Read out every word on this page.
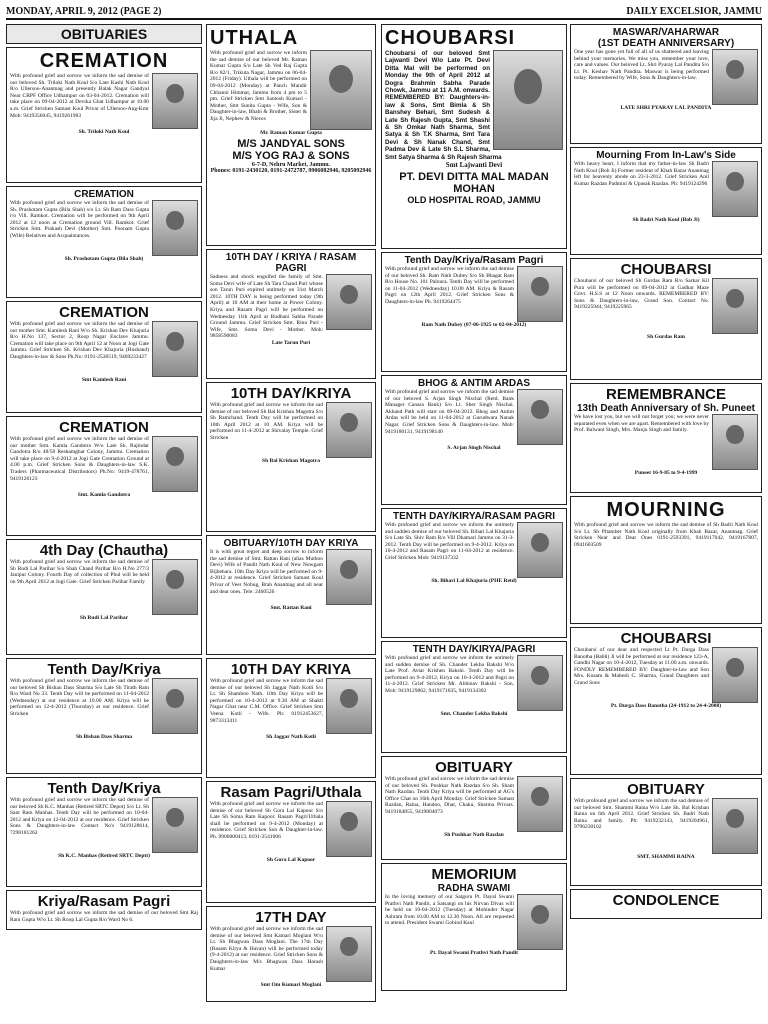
MONDAY, APRIL 9, 2012 (PAGE 2)	DAILY EXCELSIOR, JAMMU
OBITUARIES
CREMATION
With profound grief and sorrow we inform the sad demise of our beloved Sh. Triloki Nath Koul S/o Late Kashi Nath Koul R/o Ullersoo-Anantnag and presently Balak Nagar Gandyal Near CRPF Office Udhampur on 03-04-2012. Cremation will take place on 09-04-2012 at Devika Ghat Udhampur at 10.00 a.m. Grief Stricken Samast Koul Privar of Ullersoo-Ang-Kmr Mob: 9419356045, 9419261983
Sh. Triloki Nath Koul
CREMATION
With profound grief and sorrow we inform the sad demise of Sh. Prashotam Gupta (Bila Shah) s/o Lt. Sh Ram Dass Gupta r/o Vill. Ramkot. Cremation will be performed on 9th April 2012 at 12 noon at Cremation ground Vill. Ramkot. Grief Stricken Smt. Prakash Devi (Mother) Smt. Poonam Gupta (Wife) Relatives and Acquaintances.
Sh. Prashotam Gupta (Bila Shah)
CREMATION
With profound grief and sorrow we inform the sad demise of our mother Smt. Kamlesh Rani W/o Sh. Krishan Dev Khajuria R/o H.No 137, Sector 2, Roop Nagar Enclave Jammu. Cremation will take place on 9th April 12 at Noon at Jogi Gate Jammu. Grief Stricken Sh. Krishan Dev Khajuria (Husband) Daughters-in-law & Sons Ph.No: 0191-2530519, 9469233427
Smt Kamlesh Rani
CREMATION
With profound grief and sorrow we inform the sad demise of our mother Smt. Kamla Gandotra W/o Late Sh. Rajindar Gandotra R/o 48/50 Reshamghar Colony, Jammu. Cremation will take place on 9-4-2012 at Jogi Gate Cremation Ground at 4.00 p.m. Grief Stricken Sons & Daughters-in-law S.K. Traders (Pharmaceutical Distributors) Ph.No: 9419-478761, 9419126123
Smt. Kamla Gandotra
4th Day (Chautha)
With profound grief and sorrow we inform the sad demise of Sh Rudi Lal Parihar S/o Shah Chand Parihar R/o H.No 277/3 Janipur Colony. Fourth Day of collection of Phul will be held on 9th April 2012 at Jogi Gate. Grief Stricken Parihar Family
Sh Rudi Lal Parihar
Tenth Day/Kriya
With profound grief and sorrow we inform the sad demise of our beloved Sh Bishan Dass Sharma S/o Late Sh Tirath Ram R/o Ward No 33. Tenth Day will be performed on 11-04-2012 (Wednesday) at our residence at 10.00 AM. Kriya will be performed on 12-4-2012 (Thursday) at our residence. Grief Stricken
Sh Bishan Dass Sharma
Tenth Day/Kriya
With profound grief and sorrow we inform the sad demise of our beloved Sh K.C. Manhas (Retired SRTC Depot) S/o Lt. Sh Sant Ram Manhas. Tenth Day will be performed on 10-04-2012 and Kriya on 12-04-2012 at our residence. Grief Stricken Sons & Daughters-in-law Contact No's 9419128614, 7298181262
Sh K.C. Manhas (Retired SRTC Deptt)
Kriya/Rasam Pagri
With profound grief and sorrow we inform the sad demise of our beloved Smt Raj Rani Gupta W/o Lt. Sh Roop Lal Gupta R/o Ward No 6.
UTHALA
With profound grief and sorrow we inform the sad demise of our beloved Mr. Raman Kumar Gupta S/o Late Sh Ved Raj Gupta R/o 82/1, Trikuta Nagar, Jammu on 06-04-2012 (Friday). Uthala will be performed on 09-04-2012 (Monday) at Panch Mandir Chhanni Himmat, Jammu from 4 pm to 5 pm. Grief Stricken Smt Santosh Kumari - Mother, Smt Sunita Gupta - Wife, Son & Daughter-in-law, Bhabi & Brother, Sister & Jija Ji, Nephew & Nieces
Mr. Raman Kumar Gupta
M/S JANDYAL SONS
M/S YOG RAJ & SONS
6-7-D, Nehru Market, Jammu.
Phones: 0191-2430120, 0191-2472787, 9906082946, 9205092946
10TH DAY / KRIYA / RASAM PAGRI
Sadness and shock engulfed the family of Smt. Soma Devi wife of Late Sh Tara Chand Puri whose son Tarun Puri expired untimely on 31st March 2012. 10TH DAY is being performed today (9th April) at 10 AM at their home at Power Colony. Kriya and Rasam Pagri will be performed on Wednesday 11th April at Budhani Sabha Parade Ground Jammu. Grief Stricken Smt. Rinu Puri - Wife, Smt. Soma Devi - Mother. Mob: 9858590083
Late Tarun Puri
10TH DAY/KRIYA
With profound grief and sorrow we inform the sad demise of our beloved Sh Bal Krishan Magotra S/o Sh Ramchand. Tenth Day will be performed on 10th April 2012 at 10 AM. Kriya will be performed on 11-4-2012 at Shivalay Temple. Grief Stricken
Sh Bal Krishan Magotra
OBITUARY/10TH DAY KRIYA
It is with great regret and deep sorrow to inform the sad demise of Smt. Rattan Rani (alias Muthoo Devi) Wife of Pandit Nath Koul of New Nowgam Bijbehara. 10th Day Kriya will be performed on 9-4-2012 at residence. Grief Stricken Samast Koul Privar of Veer Nobug, Brah Anantnag and all near and dear ones. Tele: 2460526
Smt. Rattan Rani
10TH DAY KRIYA
With profound grief and sorrow we inform the sad demise of our beloved Sh Jaggar Nath Kotli S/o Lt. Sh Shamboo Nath. 10th Day Kriya will be performed on 10-4-2012 at 9.30 AM at Shakti Nagar Ghat near C.M. Office. Grief Stricken Smt Veena Kotli - Wife. Ph: 01912453627, 9873313411
Sh Jaggar Nath Kotli
Rasam Pagri/Uthala
With profound grief and sorrow we inform the sad demise of our beloved Sh Gora Lal Kapoor S/o Late Sh Soma Ram Kapoor. Rasam Pagri/Uthala shall be performed on 9-4-2012 (Monday) at residence. Grief Stricken Son & Daughter-in-law. Ph. 9906000413, 0191-2541006
Sh Gora Lal Kapoor
17TH DAY
With profound grief and sorrow we inform the sad demise of our beloved Smt Kamari Moglani W/o Lt. Sh Bhagwan Dass Moglani. The 17th Day (Rasam Kirya & Havan) will be performed today (9-4-2012) at our residence. Grief Stricken Sons & Daughters-in-law M/s Bhagwan Dass Harash Kumar
Smt Om Kumari Moglani
CHOUBARSI
Choubarsi of our beloved Smt Lajwanti Devi W/o Late Pt. Devi Ditta Mal will be performed on Monday the 9th of April 2012 at Dogra Brahmin Sabha Parade Chowk, Jammu at 11 A.M. onwards. REMEMBERED BY: Daughters-in-law & Sons, Smt Bimla & Sh Banshey Behari, Smt Sudesh & Late Sh Rajesh Gupta, Smt Shashi & Sh Omkar Nath Sharma, Smt Satya & Sh T.K Sharma, Smt Tara Devi & Sh Nanak Chand, Smt Padma Dev & Late Sh S.L Sharma, Smt Satya Sharma & Sh Rajesh Sharma
Smt Lajwanti Devi
PT. DEVI DITTA MAL MADAN MOHAN
OLD HOSPITAL ROAD, JAMMU
Tenth Day/Kriya/Rasam Pagri
With profound grief and sorrow we inform the sad demise of our beloved Sh. Ram Nath Dubey S/o Sh Bhagat Ram R/o House No. 101 Paloura. Tenth Day will be performed on 11-04-2012 (Wednesday) 10.00 AM. Kriya & Rasam Pagri on 12th April 2012. Grief Stricken Sons & Daughters-in-law Ph. 9419264475
Ram Nath Dubey (07-06-1925 to 02-04-2012)
BHOG & ANTIM ARDAS
With profound grief and sorrow we inform the sad demise of our beloved S. Arjan Singh Nischal (Retd. Bank Manager Canara Bank) S/o Lt. Sher Singh Nischal. Akhand Path will start on 09-04-2012. Bhog and Antim Ardas will be held on 11-04-2012 at Gurudwara Nanak Nagar. Grief Stricken Sons & Daughters-in-law. Mob: 9419180131, 9419198140
S. Arjan Singh Nischal
TENTH DAY/KIRYA/RASAM PAGRI
With profound grief and sorrow we inform the untimely and sudden demise of our beloved Sh. Bihari Lal Khajuria S/o Late Sh. Shiv Ram R/o Vill Dhamari Jammu on 31-3-2012. Tenth Day will be performed on 9-4-2012. Kriya on 10-4-2012 and Rasam Pagri on 11-04-2012 at residence. Grief Stricken Mob: 9419137332
Sh. Bihari Lal Khajuria (PHE Retd)
TENTH DAY/KIRYA/PAGRI
With profound grief and sorrow we inform the untimely and sudden demise of Sh. Chander Lekha Bakshi W/o Late Prof. Avtar Krishen Bakshi. Tenth Day will be performed on 9-4-2012, Kirya on 10-4-2012 and Pagri on 11-4-2012. Grief Stricken Mr. Abhinav Bakshi - Son, Mob: 9419129862, 9419171035, 9419134302
Smt. Chander Lekha Bakshi
OBITUARY
With profound grief and sorrow we inform the sad demise of our beloved Sh. Pushkar Nath Razdan S/o Sh. Sham Nath Razdan. Tenth Day Kriya will be performed at AG's Office Chat on 16th April Monday. Grief Stricken Samast Razdan, Raina, Handoo, Dhar, Chaku, Sharma Privars. 9419184855, 9419804073
Sh Pushkar Nath Razdan
MEMORIUM
RADHA SWAMI
In the loving memory of our Satguru Pt. Dayal Swami Prathvi Nath Pandit, a Satsangi on his Nirvan Divas will be held on 10-04-2012 (Tuesday) at Mohinder Nagar Ashram from 10.00 AM to 12.30 Noon. All are requested to attend. President Swami Gobind Kaul
Pt. Dayal Swami Prathvi Nath Pandit
MASWAR/VAHARWAR
(1ST DEATH ANNIVERSARY)
One year has gone yet full of all of us shattered and leaving behind your memories. We miss you, remember your love, care and values. Our beloved Lt. Shri Pyaray Lal Pandita S/o Lt. Pt. Keshav Nath Pandita. Maswar is being performed today. Remembered by Wife, Sons & Daughters-in-law.
LATE SHRI PYARAY LAL PANDITA
Mourning From In-Law's Side
With heavy heart, I inform that my father-in-law Sh Badri Nath Koul (Bob Ji) Former resident of Khah Bazar Anantnag left for heavenly abode on 23-3-2012. Grief Stricken Anil Kumar Razdan Padmini & Upasak Razdan. Ph: 9419124296
Sh Badri Nath Koul (Bob Ji)
CHOUBARSI
Choubarsi of our beloved Sh Gurdas Ram R/o Sarkar Kil Pura will be performed on 09-04-2012 at Gadhar Maze Govt. H.S.S at 12 Noon onwards. REMEMBERED BY: Sons & Daughters-in-law, Grand Son. Contact No. 9419225944, 9419225965
Sh Gurdas Ram
REMEMBRANCE
13th Death Anniversary of Sh. Puneet
We have lost you, but we will not forget you; we were never separated even when we are apart. Remembered with love by Prof. Balwant Singh, Mrs. Manju Singh and family.
Puneet 16-9-85 to 9-4-1999
MOURNING
With profound grief and sorrow we inform the sad demise of Sh Badri Nath Koul S/o Lt. Sh Pitamber Nath Koul originally from Khah Bazar, Anantnag. Grief Stricken Near and Dear Ones 0191-2593391, 9419117042, 9419167807, 0941603509
CHOUBARSI
Choubarsi of our dear and respected Lt Pt. Durga Dass Banotha (Babli) Ji will be performed at our residence 123-A, Gandhi Nagar on 10-4-2012, Tuesday at 11.00 a.m. onwards. FONDLY REMEMBERED BY: Daughter-in-law and Son Mrs. Kusam & Mahesh C. Sharma, Grand Daughters and Grand Sons
Pt. Durga Dass Banotha (24-1912 to 24-4-2008)
OBITUARY
With profound grief and sorrow we inform the sad demise of our beloved Smt. Shammi Raina W/o Late Sh. Bal Krishan Raina on 6th April 2012. Grief Stricken Sh. Badri Nath Raina and family. Ph: 9419232143, 9419204961, 9796230102
SMT. SHAMMI RAINA
CONDOLENCE
